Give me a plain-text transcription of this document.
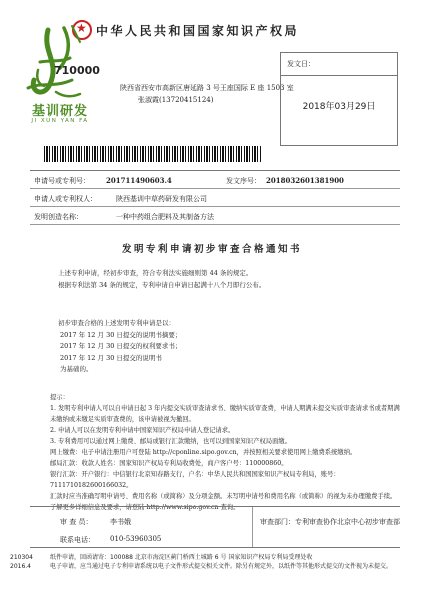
★
中华人民共和国国家知识产权局
基训研发
JI XUN YAN FA
710000
陕西省西安市高新区唐延路 3 号王座国际 E 座 1503 室
张淑霞(13720415124)
发文日：
2018年03月29日
申请号或专利号： 201711490603.4	发文序号： 2018032601381900
申请人或专利权人：	陕西基训中草药研发有限公司
发明创造名称：	一种中药组合肥料及其制备方法
发明专利申请初步审查合格通知书
上述专利申请，经初步审查，符合专利法实施细则第 44 条的规定。
根据专利法第 34 条的规定，专利申请自申请日起满十八个月即行公布。
初步审查合格的上述发明专利申请是以：
2017 年 12 月 30 日提交的说明书摘要；
2017 年 12 月 30 日提交的权利要求书；
2017 年 12 月 30 日提交的说明书
为基础的。
提示：
1. 发明专利申请人可以自申请日起 3 年内提交实质审查请求书、缴纳实质审查费，申请人期满未提交实质审查请求书或者期满未缴纳或未缴足实质审查费的，该申请被视为撤回。
2. 申请人可以在发明专利申请中国家知识产权局申请人登记请求。
3. 专利费用可以通过网上缴费、邮局或银行汇款缴纳，也可以到国家知识产权局面缴。
网上缴费：电子申请注册用户可登陆 http://cponline.sipo.gov.cn，并按照相关要求使用网上缴费系统缴纳。
邮局汇款：收款人姓名：国家知识产权局专利局收费处，商户客户号：110000860。
银行汇款：开户银行：中信银行北京知春路支行，户名：中华人民共和国国家知识产权局专利局，账号：7111710182600166032。
汇款时应当准确写明申请号、费用名称（或简称）及分项金额。未写明申请号和费用名称（或简称）的视为未办理缴费手续。了解更多详细信息及要求，请登陆 http://www.sipo.gov.cn 查询。
审 查 员：	李书娥
联系电话： 010-53960305
审查部门：专利审查协作北京中心初步审查部
210304	纸件申请，回函请寄：100088 北京市海淀区蓟门桥西土城路 6 号 国家知识产权局专利局受理处收
2016.4	电子申请，应当通过电子专利申请系统以电子文件形式提交相关文件。除另有规定外，以纸件等其他形式提交的文件视为未提交。
